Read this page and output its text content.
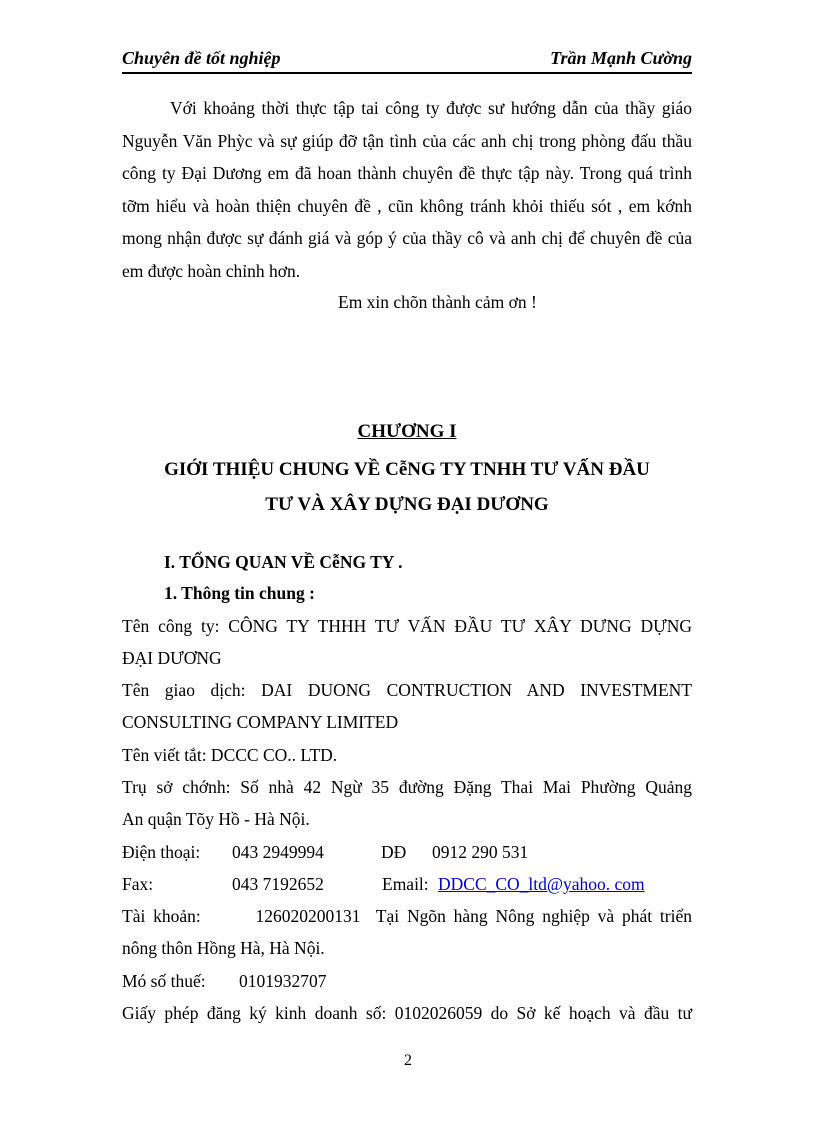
Chuyên đề tốt nghiệp	Trần Mạnh Cường

Với khoảng thời thực tập tai công ty được sư hướng dẫn của thầy giáo Nguyễn Văn Phỳc và sự giúp đỡ tận tình của các anh chị trong phòng đấu thầu công ty Đại Dương em đã hoan thành chuyên đề thực tập này. Trong quá trình tỡm hiểu và hoàn thiện chuyên đề , cũn không tránh khỏi thiếu sót , em kớnh mong nhận được sự đánh giá và góp ý của thầy cô và anh chị để chuyên đề của em được hoàn chỉnh hơn.

Em xin chõn thành cảm ơn !
CHƯƠNG I
GIỚI THIỆU CHUNG VỀ CễNG TY TNHH TƯ VẤN ĐẦU
TƯ VÀ XÂY DỰNG ĐẠI DƯƠNG
I. TỔNG QUAN VỀ CễNG TY .
1. Thông tin chung :
Tên công ty: CÔNG TY THHH TƯ VẤN ĐẦU TƯ XÂY DƯNG DỰNG
ĐẠI DƯƠNG
Tên giao dịch: DAI DUONG CONTRUCTION AND INVESTMENT
CONSULTING COMPANY LIMITED
Tên viết tắt: DCCC CO.. LTD.
Trụ sở chớnh: Số nhà 42 Ngừ 35 đường Đặng Thai Mai Phường Quảng
An quận Tõy Hồ - Hà Nội.
Điện thoại: 043 2949994	DĐ 0912 290 531
Fax:	043 7192652	Email: DDCC_CO_ltd@yahoo. com
Tài khoản:       126020200131  Tại Ngõn hàng Nông nghiệp và phát triển
nông thôn Hồng Hà, Hà Nội.
Mó số thuế: 0101932707
Giấy phép đăng ký kinh doanh số: 0102026059 do Sở kế hoạch và đầu tư
2
